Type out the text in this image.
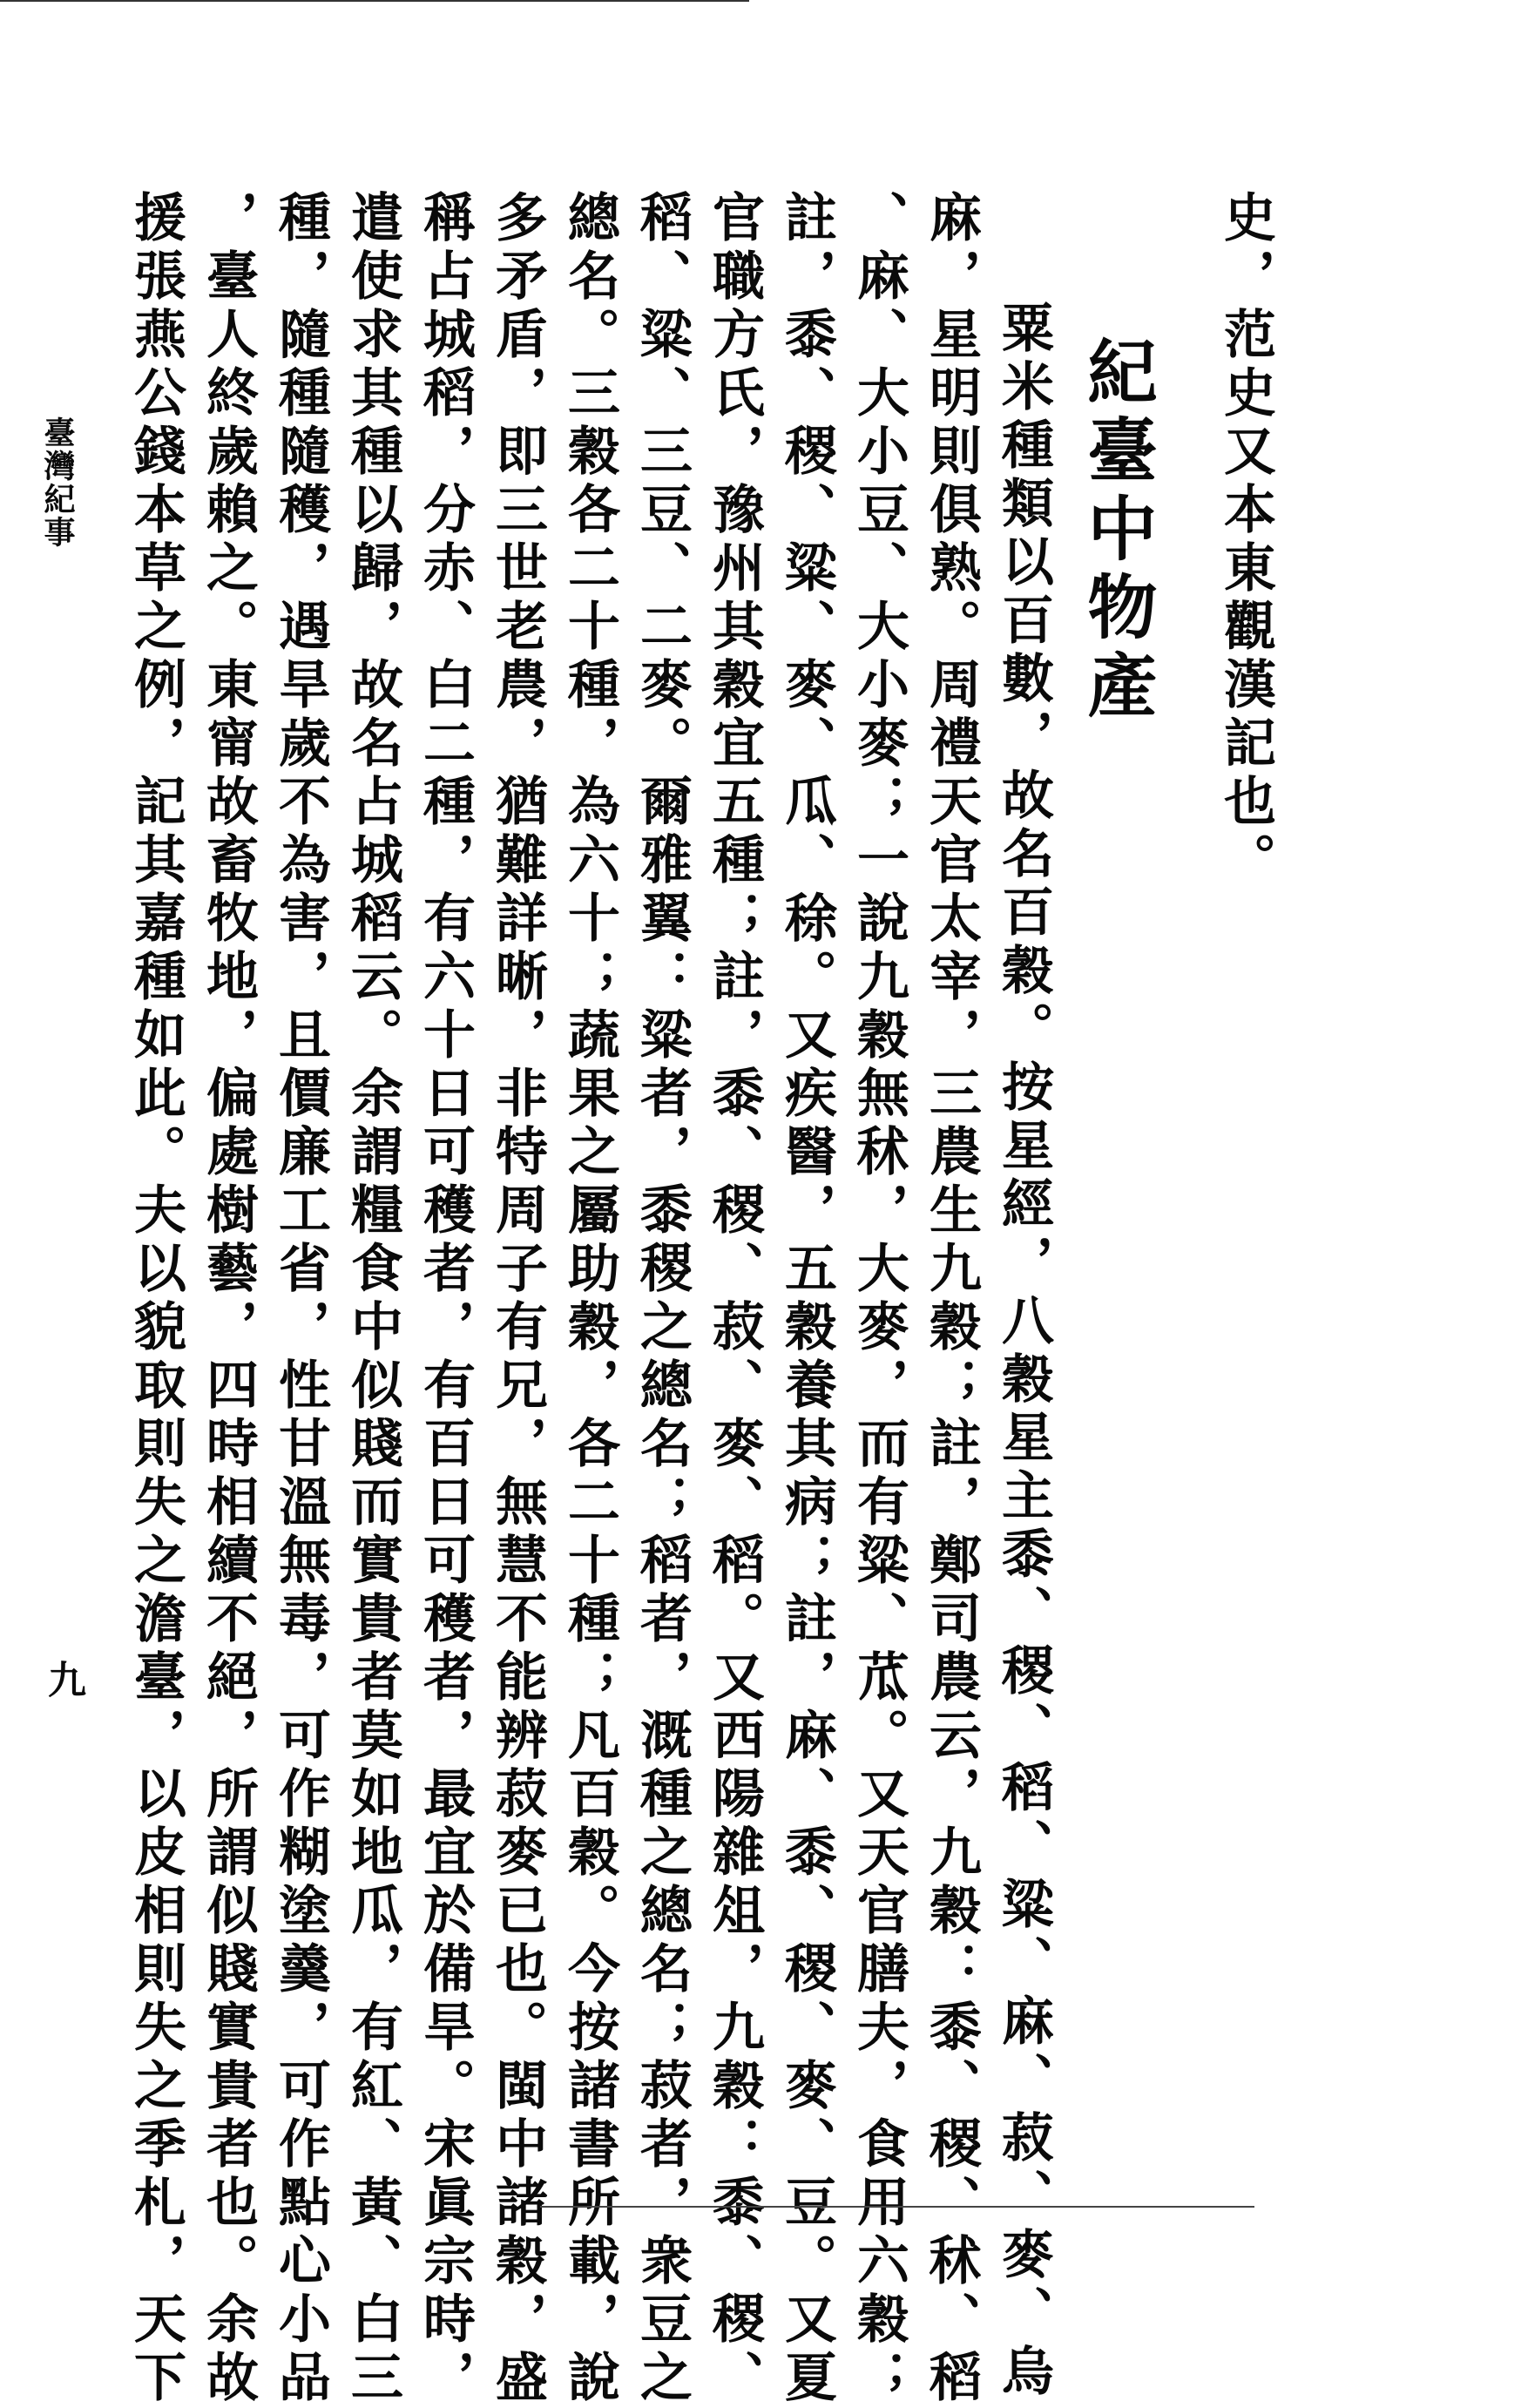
史，范史又本東觀漢記也。
紀臺中物產
粟米種類以百數，故名百穀。按星經，八穀星主黍、稷、稻、粱、麻、菽、麥、烏
麻，星明則俱熟。周禮天官太宰，三農生九穀；註，鄭司農云，九穀：黍、稷、秫、稻
、麻、大小豆、大小麥；一說九穀無秫，大麥，而有粱、苽。又天官膳夫，食用六穀；
註，黍、稷、粱、麥、瓜、稌。又疾醫，五穀養其病；註，麻、黍、稷、麥、豆。又夏
官職方氏，豫州其穀宜五種；註，黍、稷、菽、麥、稻。又西陽雜俎，九穀：黍、稷、
稻、粱、三豆、二麥。爾雅翼：粱者，黍稷之總名；稻者，溉種之總名；菽者，衆豆之
總名。三穀各二十種，為六十；蔬果之屬助穀，各二十種；凡百穀。今按諸書所載，說
多矛盾，即三世老農，猶難詳晰，非特周子有兄，無慧不能辨菽麥已也。閩中諸穀，盛
稱占城稻，分赤、白二種，有六十日可穫者，有百日可穫者，最宜於備旱。宋眞宗時，
遣使求其種以歸，故名占城稻云。余謂糧食中似賤而實貴者莫如地瓜，有紅、黃、白三
種，隨種隨穫，遇旱歲不為害，且價廉工省，性甘溫無毒，可作糊塗羹，可作點心小品
，臺人終歲賴之。東甯故畜牧地，偏處樹藝，四時相續不絕，所謂似賤實貴者也。余故
援張燕公錢本草之例，記其嘉種如此。夫以貌取則失之澹臺，以皮相則失之季札，天下
臺灣紀事
九
